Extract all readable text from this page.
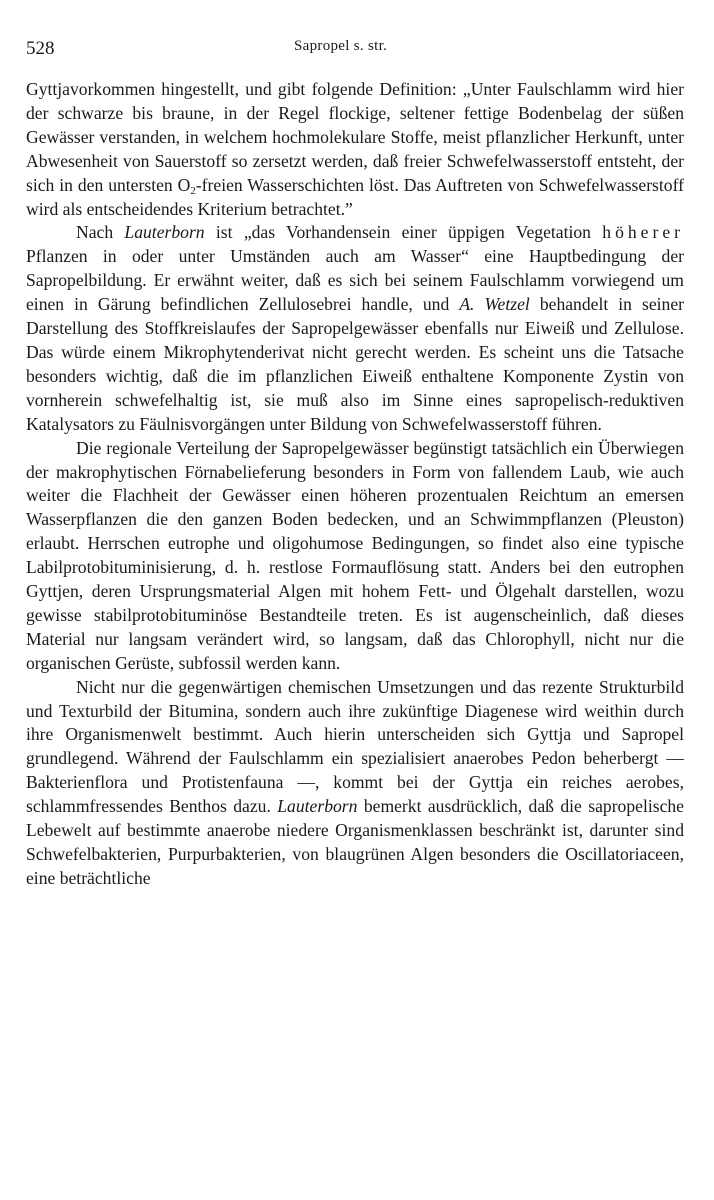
528	Sapropel s. str.

Gyttjavorkommen hingestellt, und gibt folgende Definition: „Unter Faulschlamm wird hier der schwarze bis braune, in der Regel flockige, seltener fettige Bodenbelag der süßen Gewässer verstanden, in welchem hochmolekulare Stoffe, meist pflanzlicher Herkunft, unter Abwesenheit von Sauerstoff so zersetzt werden, daß freier Schwefelwasserstoff entsteht, der sich in den untersten $O_2$-freien Wasserschichten löst. Das Auftreten von Schwefelwasserstoff wird als entscheidendes Kriterium betrachtet.”

Nach Lauterborn ist „das Vorhandensein einer üppigen Vegetation höherer Pflanzen in oder unter Umständen auch am Wasser“ eine Hauptbedingung der Sapropelbildung. Er erwähnt weiter, daß es sich bei seinem Faulschlamm vorwiegend um einen in Gärung befindlichen Zellulosebrei handle, und A. Wetzel behandelt in seiner Darstellung des Stoffkreislaufes der Sapropelgewässer ebenfalls nur Eiweiß und Zellulose. Das würde einem Mikrophytenderivat nicht gerecht werden. Es scheint uns die Tatsache besonders wichtig, daß die im pflanzlichen Eiweiß enthaltene Komponente Zystin von vornherein schwefelhaltig ist, sie muß also im Sinne eines sapropelisch-reduktiven Katalysators zu Fäulnisvorgängen unter Bildung von Schwefelwasserstoff führen.

Die regionale Verteilung der Sapropelgewässer begünstigt tatsächlich ein Überwiegen der makrophytischen Förnabelieferung besonders in Form von fallendem Laub, wie auch weiter die Flachheit der Gewässer einen höheren prozentualen Reichtum an emersen Wasserpflanzen die den ganzen Boden bedecken, und an Schwimmpflanzen (Pleuston) erlaubt. Herrschen eutrophe und oligohumose Bedingungen, so findet also eine typische Labilprotobituminisierung, d. h. restlose Formauflösung statt. Anders bei den eutrophen Gyttjen, deren Ursprungsmaterial Algen mit hohem Fett- und Ölgehalt darstellen, wozu gewisse stabilprotobituminöse Bestandteile treten. Es ist augenscheinlich, daß dieses Material nur langsam verändert wird, so langsam, daß das Chlorophyll, nicht nur die organischen Gerüste, subfossil werden kann.

Nicht nur die gegenwärtigen chemischen Umsetzungen und das rezente Strukturbild und Texturbild der Bitumina, sondern auch ihre zukünftige Diagenese wird weithin durch ihre Organismenwelt bestimmt. Auch hierin unterscheiden sich Gyttja und Sapropel grundlegend. Während der Faulschlamm ein spezialisiert anaerobes Pedon beherbergt — Bakterienflora und Protistenfauna —, kommt bei der Gyttja ein reiches aerobes, schlammfressendes Benthos dazu. Lauterborn bemerkt ausdrücklich, daß die sapropelische Lebewelt auf bestimmte anaerobe niedere Organismenklassen beschränkt ist, darunter sind Schwefelbakterien, Purpurbakterien, von blaugrünen Algen besonders die Oscillatoriaceen, eine beträchtliche
